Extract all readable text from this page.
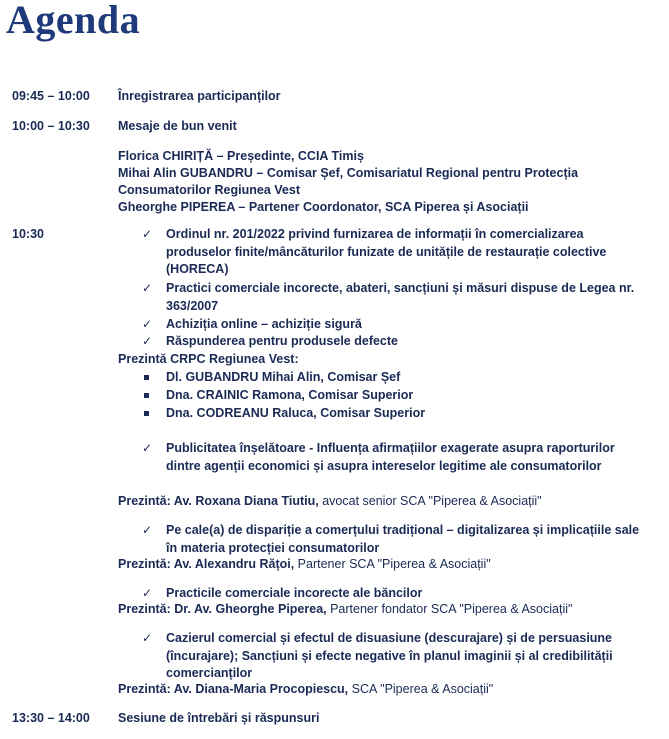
Agenda
09:45 – 10:00 Înregistrarea participanților
10:00 – 10:30 Mesaje de bun venit
Florica CHIRIȚĂ – Președinte, CCIA Timiș
Mihai Alin GUBANDRU – Comisar Șef, Comisariatul Regional pentru Protecția
Consumatorilor Regiunea Vest
Gheorghe PIPEREA – Partener Coordonator, SCA Piperea și Asociații
10:30	✓ Ordinul nr. 201/2022 privind furnizarea de informații în comercializarea produselor finite/mâncăturilor funizate de unitățile de restaurație colective (HORECA)
✓ Practici comerciale incorecte, abateri, sancțiuni și măsuri dispuse de Legea nr. 363/2007
✓ Achiziția online – achiziție sigură
✓ Răspunderea pentru produsele defecte
Prezintă CRPC Regiunea Vest:
Dl. GUBANDRU Mihai Alin, Comisar Șef
Dna. CRAINIC Ramona, Comisar Superior
Dna. CODREANU Raluca, Comisar Superior
✓ Publicitatea înșelătoare - Influența afirmațiilor exagerate asupra raporturilor dintre agenții economici și asupra intereselor legitime ale consumatorilor
Prezintă: Av. Roxana Diana Tiutiu, avocat senior SCA "Piperea & Asociații"
✓ Pe cale(a) de dispariție a comerțului tradițional – digitalizarea și implicațiile sale în materia protecției consumatorilor
Prezintă: Av. Alexandru Rățoi, Partener SCA "Piperea & Asociații"
✓ Practicile comerciale incorecte ale băncilor
Prezintă: Dr. Av. Gheorghe Piperea, Partener fondator SCA "Piperea & Asociații"
✓ Cazierul comercial și efectul de disuasiune (descurajare) și de persuasiune (încurajare); Sancțiuni și efecte negative în planul imaginii și al credibilității comercianților
Prezintă: Av. Diana-Maria Procopiescu, SCA "Piperea & Asociații"
13:30 – 14:00 Sesiune de întrebări și răspunsuri
